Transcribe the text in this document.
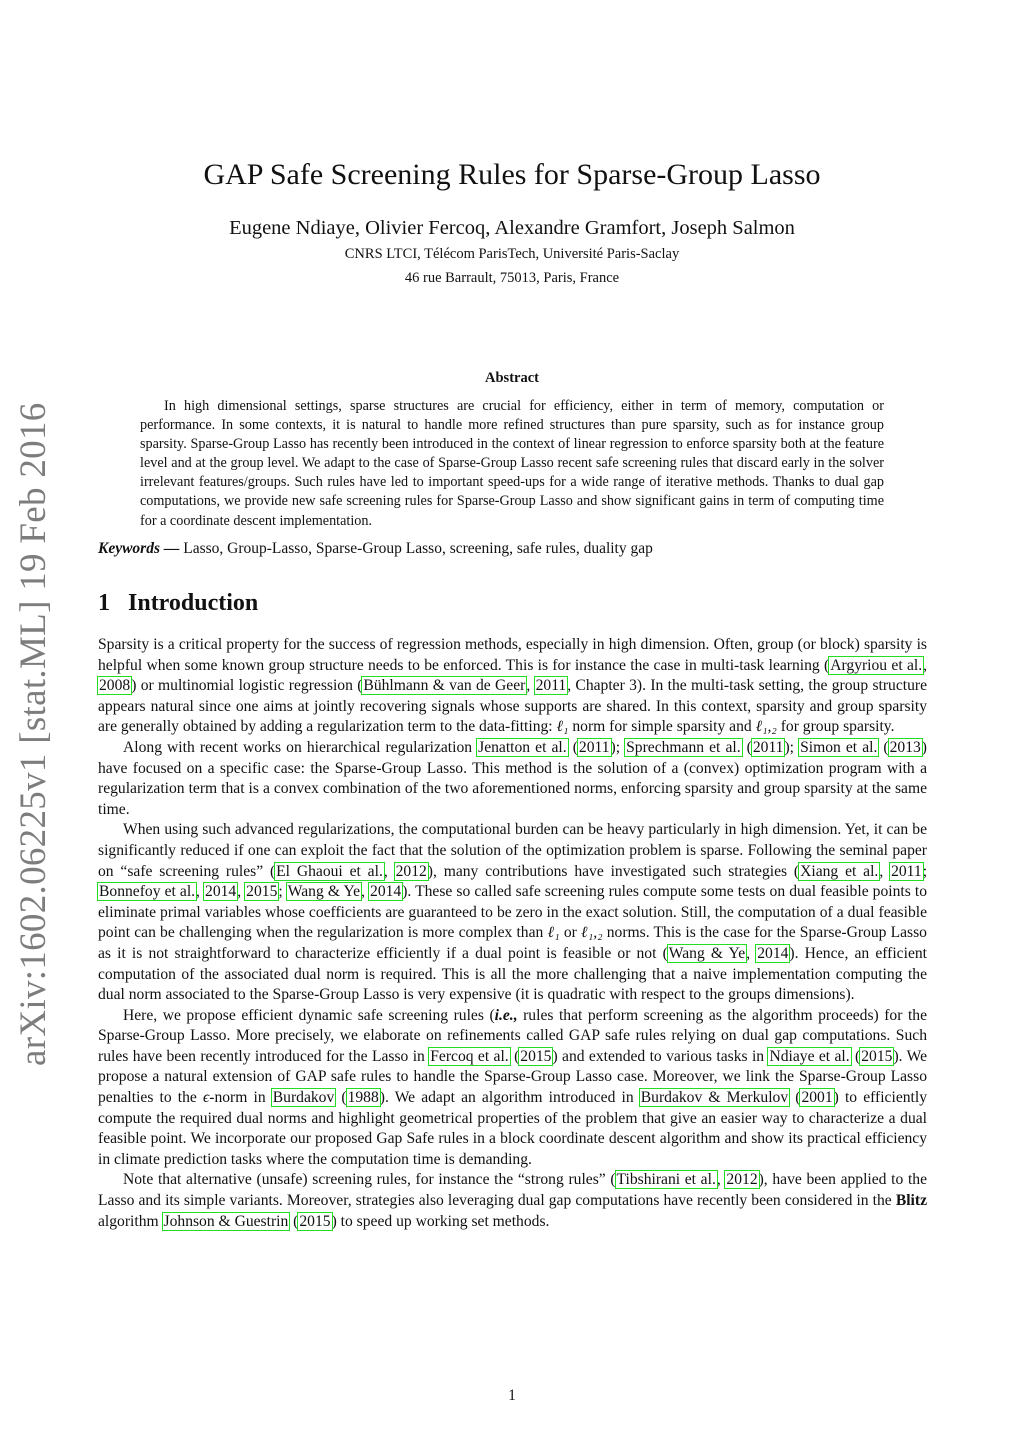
arXiv:1602.06225v1 [stat.ML] 19 Feb 2016
GAP Safe Screening Rules for Sparse-Group Lasso
Eugene Ndiaye, Olivier Fercoq, Alexandre Gramfort, Joseph Salmon
CNRS LTCI, Télécom ParisTech, Université Paris-Saclay
46 rue Barrault, 75013, Paris, France
Abstract
In high dimensional settings, sparse structures are crucial for efficiency, either in term of memory, computation or performance. In some contexts, it is natural to handle more refined structures than pure sparsity, such as for instance group sparsity. Sparse-Group Lasso has recently been introduced in the context of linear regression to enforce sparsity both at the feature level and at the group level. We adapt to the case of Sparse-Group Lasso recent safe screening rules that discard early in the solver irrelevant features/groups. Such rules have led to important speed-ups for a wide range of iterative methods. Thanks to dual gap computations, we provide new safe screening rules for Sparse-Group Lasso and show significant gains in term of computing time for a coordinate descent implementation.
Keywords — Lasso, Group-Lasso, Sparse-Group Lasso, screening, safe rules, duality gap
1 Introduction

Sparsity is a critical property for the success of regression methods, especially in high dimension. Often, group (or block) sparsity is helpful when some known group structure needs to be enforced. This is for instance the case in multi-task learning (Argyriou et al., 2008) or multinomial logistic regression (Bühlmann & van de Geer, 2011, Chapter 3). In the multi-task setting, the group structure appears natural since one aims at jointly recovering signals whose supports are shared. In this context, sparsity and group sparsity are generally obtained by adding a regularization term to the data-fitting: ℓ₁ norm for simple sparsity and ℓ₁,₂ for group sparsity.

Along with recent works on hierarchical regularization Jenatton et al. (2011); Sprechmann et al. (2011); Simon et al. (2013) have focused on a specific case: the Sparse-Group Lasso. This method is the solution of a (convex) optimization program with a regularization term that is a convex combination of the two aforementioned norms, enforcing sparsity and group sparsity at the same time.

When using such advanced regularizations, the computational burden can be heavy particularly in high dimension. Yet, it can be significantly reduced if one can exploit the fact that the solution of the optimization problem is sparse. Following the seminal paper on “safe screening rules” (El Ghaoui et al., 2012), many contributions have investigated such strategies (Xiang et al., 2011; Bonnefoy et al., 2014, 2015; Wang & Ye, 2014). These so called safe screening rules compute some tests on dual feasible points to eliminate primal variables whose coefficients are guaranteed to be zero in the exact solution. Still, the computation of a dual feasible point can be challenging when the regularization is more complex than ℓ₁ or ℓ₁,₂ norms. This is the case for the Sparse-Group Lasso as it is not straightforward to characterize efficiently if a dual point is feasible or not (Wang & Ye, 2014). Hence, an efficient computation of the associated dual norm is required. This is all the more challenging that a naive implementation computing the dual norm associated to the Sparse-Group Lasso is very expensive (it is quadratic with respect to the groups dimensions).

Here, we propose efficient dynamic safe screening rules (i.e., rules that perform screening as the algorithm proceeds) for the Sparse-Group Lasso. More precisely, we elaborate on refinements called GAP safe rules relying on dual gap computations. Such rules have been recently introduced for the Lasso in Fercoq et al. (2015) and extended to various tasks in Ndiaye et al. (2015). We propose a natural extension of GAP safe rules to handle the Sparse-Group Lasso case. Moreover, we link the Sparse-Group Lasso penalties to the ϵ-norm in Burdakov (1988). We adapt an algorithm introduced in Burdakov & Merkulov (2001) to efficiently compute the required dual norms and highlight geometrical properties of the problem that give an easier way to characterize a dual feasible point. We incorporate our proposed Gap Safe rules in a block coordinate descent algorithm and show its practical efficiency in climate prediction tasks where the computation time is demanding.

Note that alternative (unsafe) screening rules, for instance the “strong rules” (Tibshirani et al., 2012), have been applied to the Lasso and its simple variants. Moreover, strategies also leveraging dual gap computations have recently been considered in the Blitz algorithm Johnson & Guestrin (2015) to speed up working set methods.

1
